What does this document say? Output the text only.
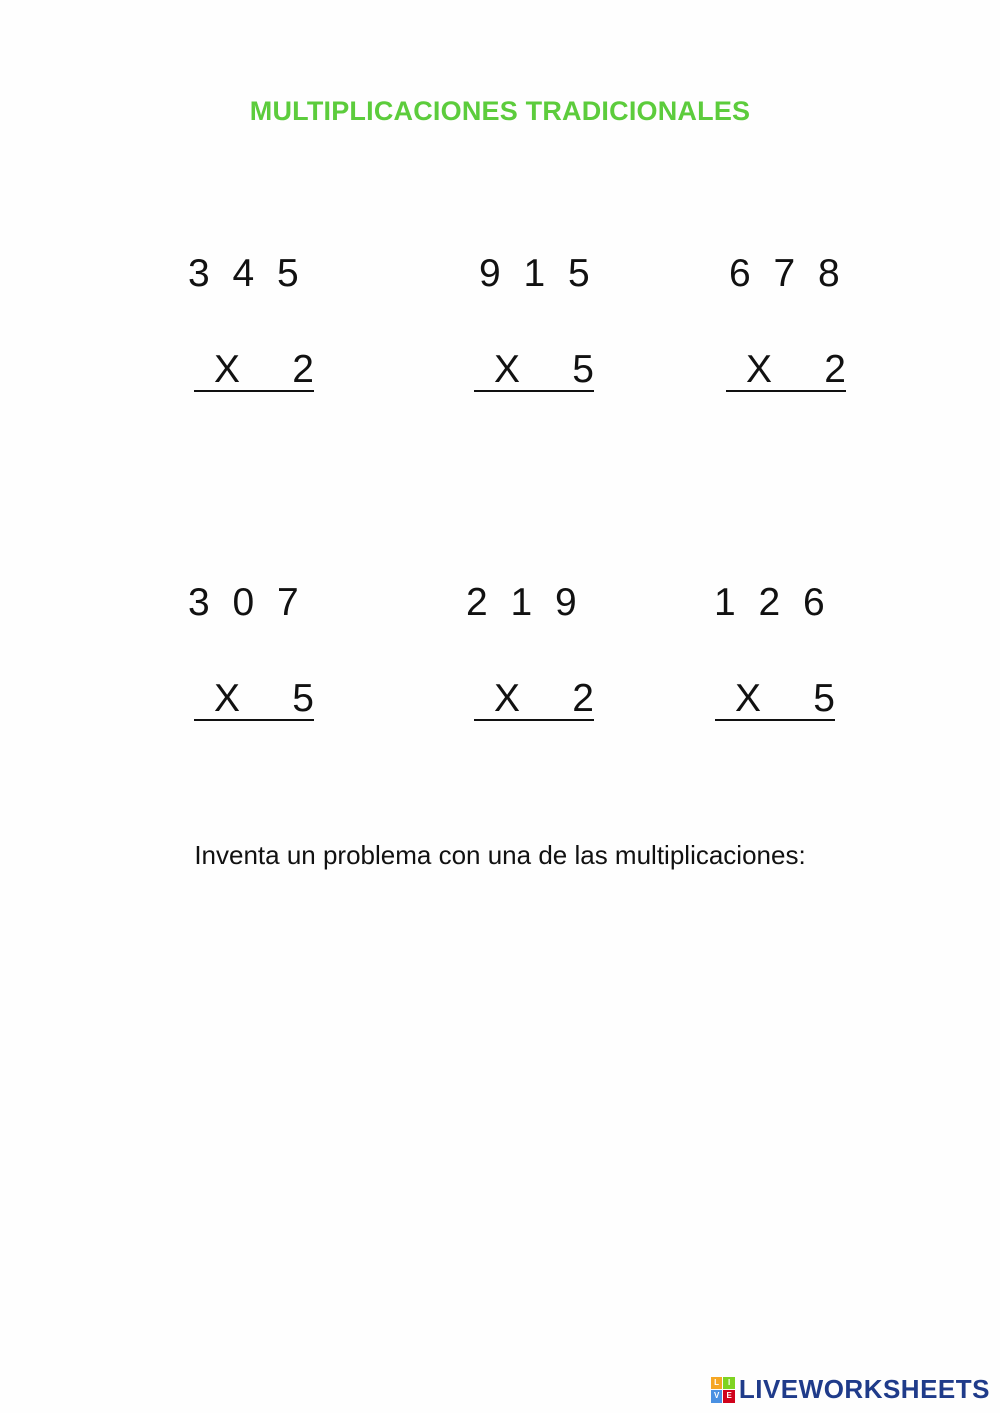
MULTIPLICACIONES TRADICIONALES
3 4 5
X 2
9 1 5
X 5
6 7 8
X 2
3 0 7
X 5
2 1 9
X 2
1 2 6
X 5
Inventa un problema con una de las multiplicaciones:
L	I
V E LIVEWORKSHEETS
